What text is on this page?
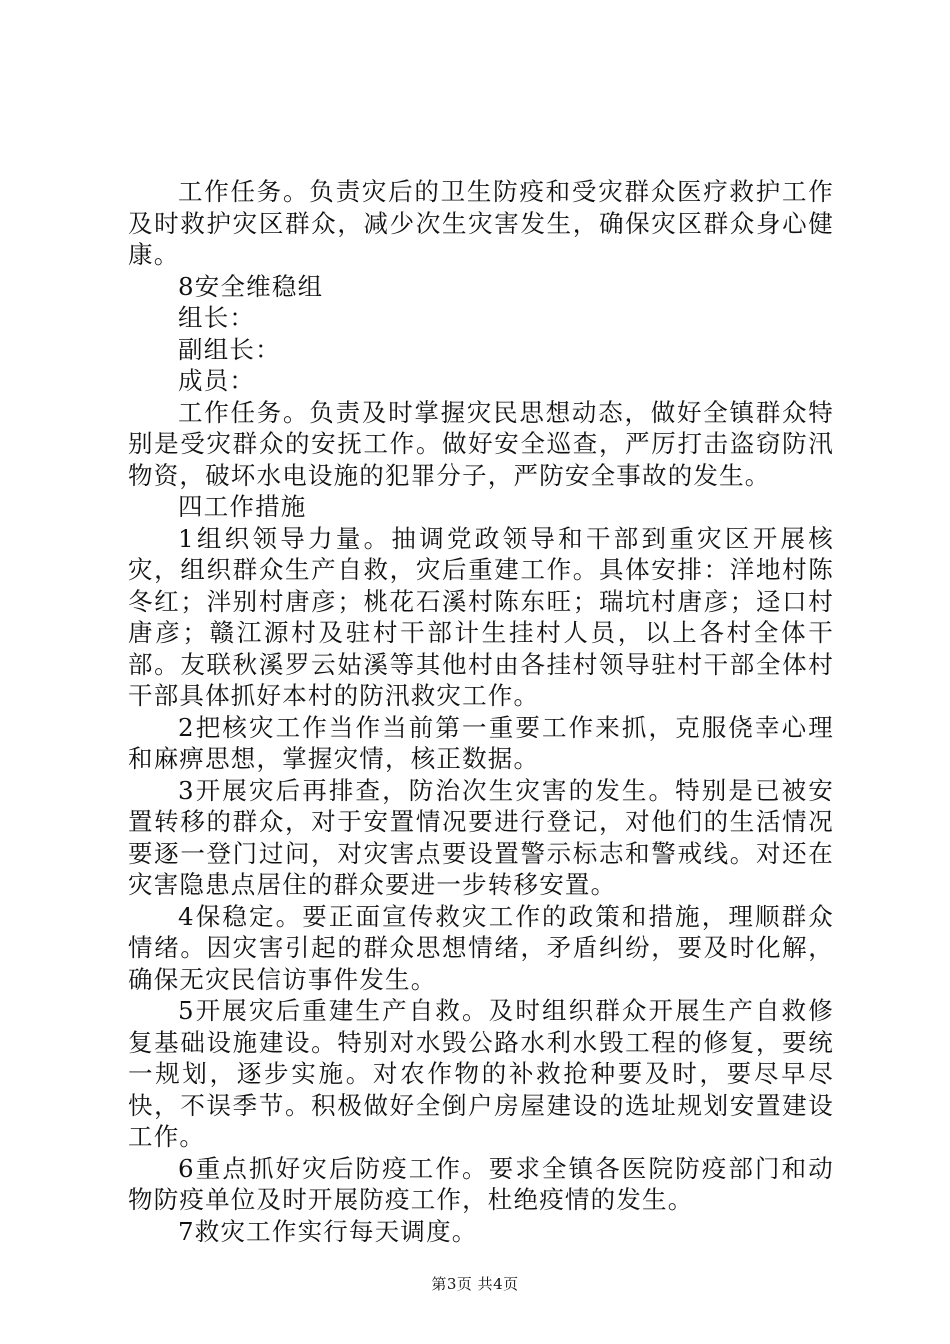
工作任务。负责灾后的卫生防疫和受灾群众医疗救护工作及时救护灾区群众，减少次生灾害发生，确保灾区群众身心健康。

8安全维稳组

组长：

副组长：

成员：

工作任务。负责及时掌握灾民思想动态，做好全镇群众特别是受灾群众的安抚工作。做好安全巡查，严厉打击盗窃防汛物资，破坏水电设施的犯罪分子，严防安全事故的发生。

四工作措施

1组织领导力量。抽调党政领导和干部到重灾区开展核灾，组织群众生产自救，灾后重建工作。具体安排：洋地村陈冬红；泮别村唐彦；桃花石溪村陈东旺；瑞坑村唐彦；迳口村唐彦；赣江源村及驻村干部计生挂村人员，以上各村全体干部。友联秋溪罗云姑溪等其他村由各挂村领导驻村干部全体村干部具体抓好本村的防汛救灾工作。

2把核灾工作当作当前第一重要工作来抓，克服侥幸心理和麻痹思想，掌握灾情，核正数据。

3开展灾后再排查，防治次生灾害的发生。特别是已被安置转移的群众，对于安置情况要进行登记，对他们的生活情况要逐一登门过问，对灾害点要设置警示标志和警戒线。对还在灾害隐患点居住的群众要进一步转移安置。

4保稳定。要正面宣传救灾工作的政策和措施，理顺群众情绪。因灾害引起的群众思想情绪，矛盾纠纷，要及时化解，确保无灾民信访事件发生。

5开展灾后重建生产自救。及时组织群众开展生产自救修复基础设施建设。特别对水毁公路水利水毁工程的修复，要统一规划，逐步实施。对农作物的补救抢种要及时，要尽早尽快，不误季节。积极做好全倒户房屋建设的选址规划安置建设工作。

6重点抓好灾后防疫工作。要求全镇各医院防疫部门和动物防疫单位及时开展防疫工作，杜绝疫情的发生。

7救灾工作实行每天调度。

第3页 共4页
